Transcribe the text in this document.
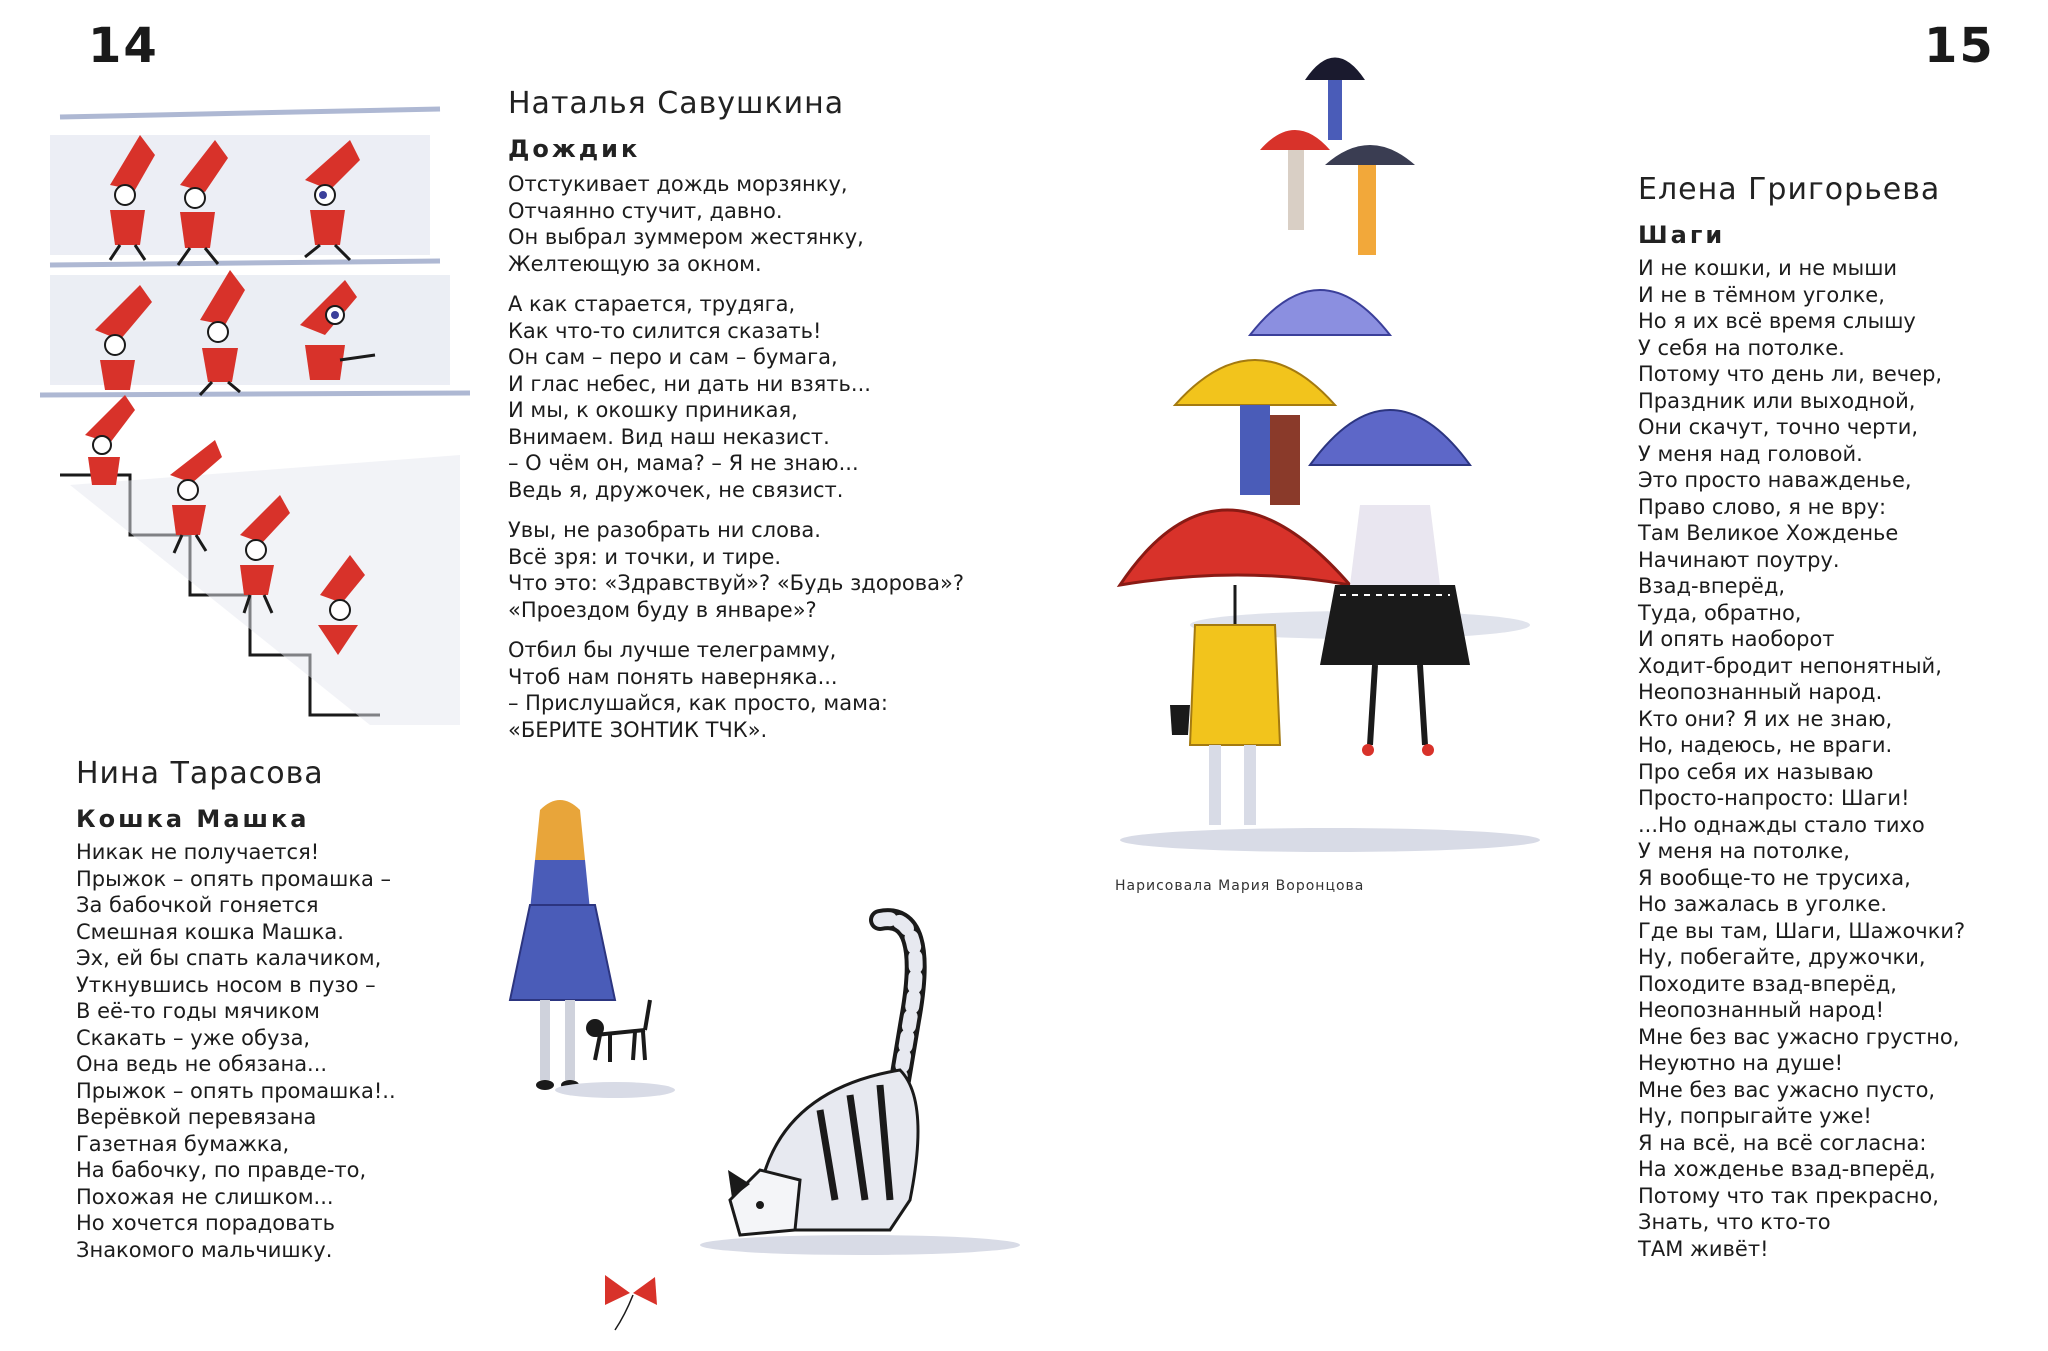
14	15
Наталья Савушкина
Дождик
Отстукивает дождь морзянку,
Отчаянно стучит, давно.
Он выбрал зуммером жестянку,
Желтеющую за окном.
А как старается, трудяга,
Как что-то силится сказать!
Он сам – перо и сам – бумага,
И глас небес, ни дать ни взять...
И мы, к окошку приникая,
Внимаем. Вид наш неказист.
– О чём он, мама? – Я не знаю...
Ведь я, дружочек, не связист.
Увы, не разобрать ни слова.
Всё зря: и точки, и тире.
Что это: «Здравствуй»? «Будь здорова»?
«Проездом буду в январе»?
Отбил бы лучше телеграмму,
Чтоб нам понять наверняка...
– Прислушайся, как просто, мама:
«БЕРИТЕ ЗОНТИК ТЧК».
Нина Тарасова
Кошка Машка
Никак не получается!
Прыжок – опять промашка –
За бабочкой гоняется
Смешная кошка Машка.
Эх, ей бы спать калачиком,
Уткнувшись носом в пузо –
В её-то годы мячиком
Скакать – уже обуза,
Она ведь не обязана...
Прыжок – опять промашка!..
Верёвкой перевязана
Газетная бумажка,
На бабочку, по правде-то,
Похожая не слишком...
Но хочется порадовать
Знакомого мальчишку.
Нарисовала Мария Воронцова
Елена Григорьева
Шаги
И не кошки, и не мыши
И не в тёмном уголке,
Но я их всё время слышу
У себя на потолке.
Потому что день ли, вечер,
Праздник или выходной,
Они скачут, точно черти,
У меня над головой.
Это просто наважденье,
Право слово, я не вру:
Там Великое Хожденье
Начинают поутру.
Взад-вперёд,
Туда, обратно,
И опять наоборот
Ходит-бродит непонятный,
Неопознанный народ.
Кто они? Я их не знаю,
Но, надеюсь, не враги.
Про себя их называю
Просто-напросто: Шаги!
...Но однажды стало тихо
У меня на потолке,
Я вообще-то не трусиха,
Но зажалась в уголке.
Где вы там, Шаги, Шажочки?
Ну, побегайте, дружочки,
Походите взад-вперёд,
Неопознанный народ!
Мне без вас ужасно грустно,
Неуютно на душе!
Мне без вас ужасно пусто,
Ну, попрыгайте уже!
Я на всё, на всё согласна:
На хожденье взад-вперёд,
Потому что так прекрасно,
Знать, что кто-то
ТАМ живёт!
